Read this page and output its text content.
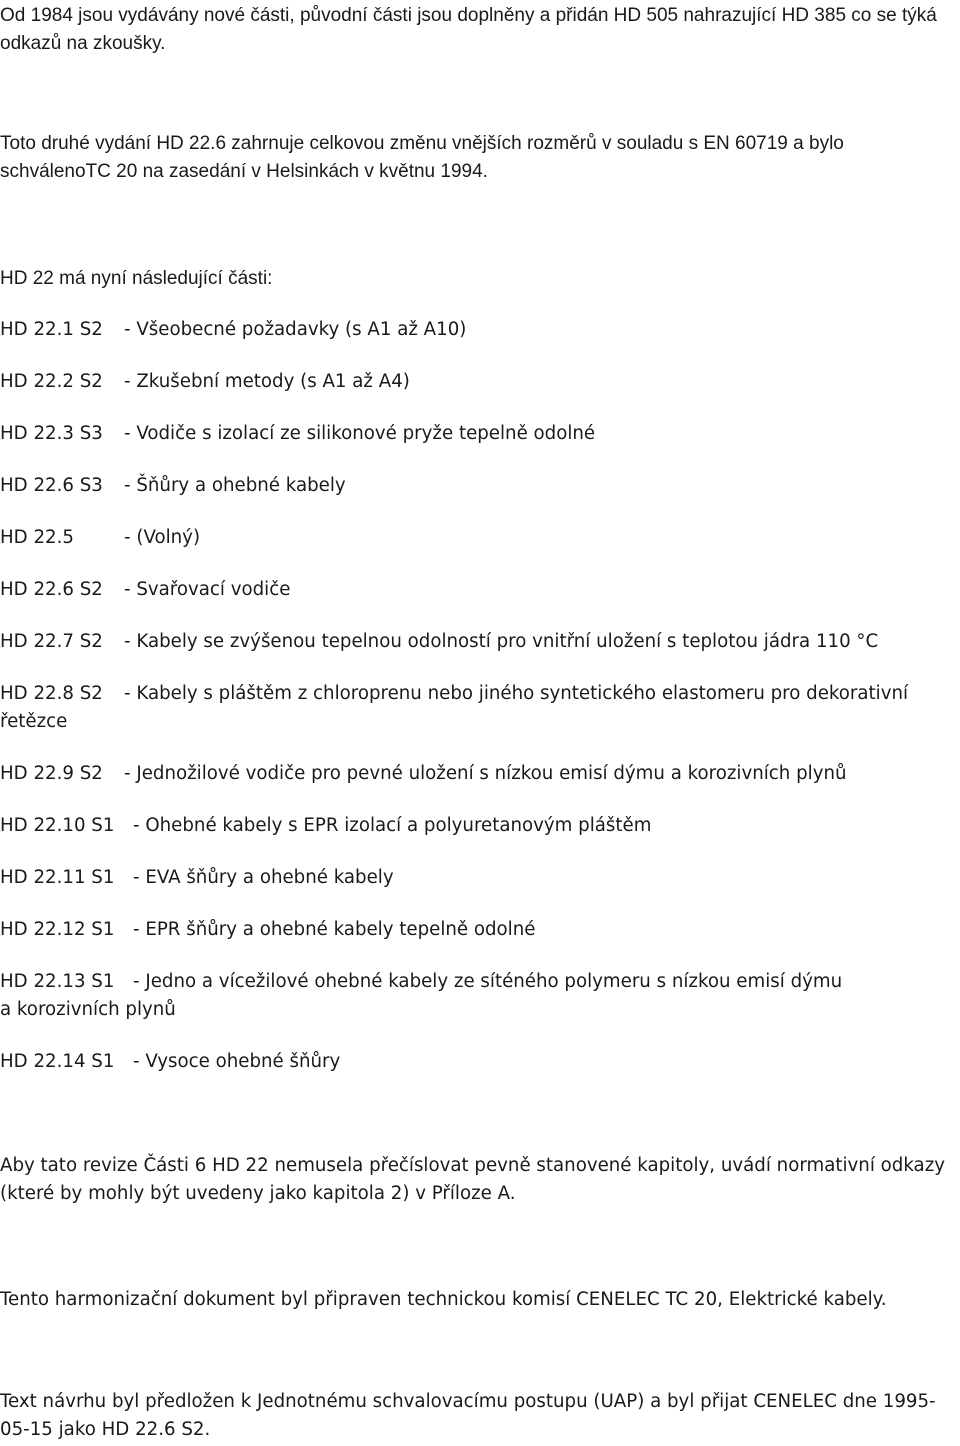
Od 1984 jsou vydávány nové části, původní části jsou doplněny a přidán HD 505 nahrazující HD 385 co se týká odkazů na zkoušky.

Toto druhé vydání HD 22.6 zahrnuje celkovou změnu vnějších rozměrů v souladu s EN 60719 a bylo schválenoTC 20 na zasedání v Helsinkách v květnu 1994.

HD 22 má nyní následující části:

HD 22.1 S2 - Všeobecné požadavky (s A1 až A10)
HD 22.2 S2 - Zkušební metody (s A1 až A4)
HD 22.3 S3 - Vodiče s izolací ze silikonové pryže tepelně odolné
HD 22.6 S3 - Šňůry a ohebné kabely
HD 22.5	- (Volný)
HD 22.6 S2 - Svařovací vodiče
HD 22.7 S2 - Kabely se zvýšenou tepelnou odolností pro vnitřní uložení s teplotou jádra 110 °C
HD 22.8 S2 - Kabely s pláštěm z chloroprenu nebo jiného syntetického elastomeru pro dekorativní
řetězce
HD 22.9 S2 - Jednožilové vodiče pro pevné uložení s nízkou emisí dýmu a korozivních plynů
HD 22.10 S1 - Ohebné kabely s EPR izolací a polyuretanovým pláštěm
HD 22.11 S1 - EVA šňůry a ohebné kabely
HD 22.12 S1 - EPR šňůry a ohebné kabely tepelně odolné
HD 22.13 S1 - Jedno a vícežilové ohebné kabely ze síténého polymeru s nízkou emisí dýmu
a korozivních plynů
HD 22.14 S1 - Vysoce ohebné šňůry

Aby tato revize Části 6 HD 22 nemusela přečíslovat pevně stanovené kapitoly, uvádí normativní odkazy (které by mohly být uvedeny jako kapitola 2) v Příloze A.

Tento harmonizační dokument byl připraven technickou komisí CENELEC TC 20, Elektrické kabely.

Text návrhu byl předložen k Jednotnému schvalovacímu postupu (UAP) a byl přijat CENELEC dne 1995-05-15 jako HD 22.6 S2.
